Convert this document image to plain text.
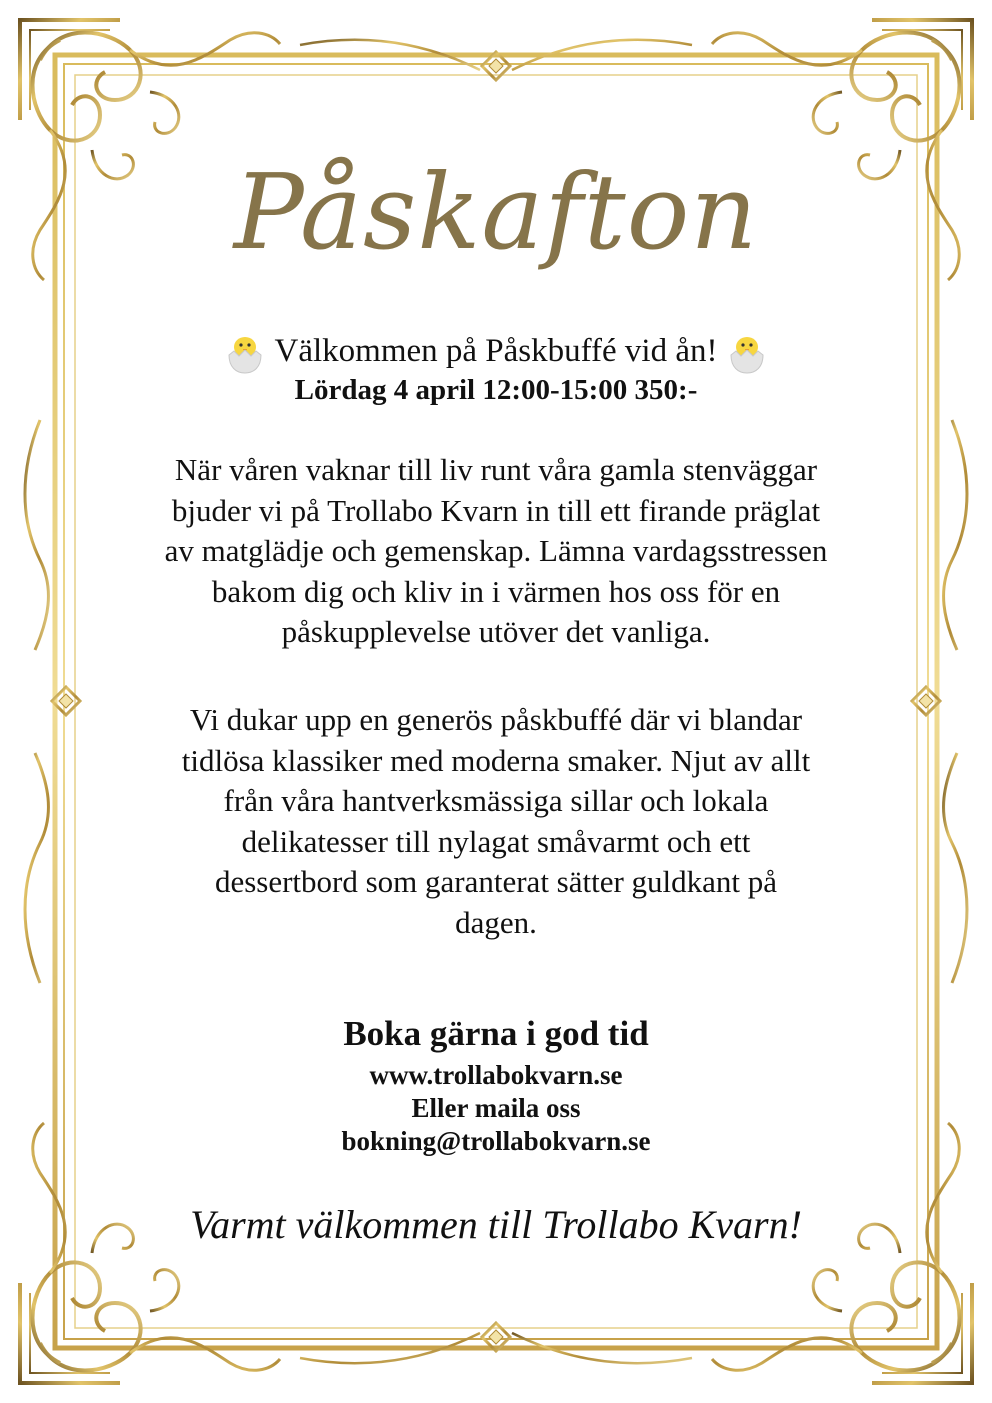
Påskafton
Välkommen på Påskbuffé vid ån!
Lördag 4 april 12:00-15:00 350:-
När våren vaknar till liv runt våra gamla stenväggar
bjuder vi på Trollabo Kvarn in till ett firande präglat
av matglädje och gemenskap. Lämna vardagsstressen
bakom dig och kliv in i värmen hos oss för en
påskupplevelse utöver det vanliga.
Vi dukar upp en generös påskbuffé där vi blandar
tidlösa klassiker med moderna smaker. Njut av allt
från våra hantverksmässiga sillar och lokala
delikatesser till nylagat småvarmt och ett
dessertbord som garanterat sätter guldkant på
dagen.
Boka gärna i god tid
www.trollabokvarn.se
Eller maila oss
bokning@trollabokvarn.se
Varmt välkommen till Trollabo Kvarn!
